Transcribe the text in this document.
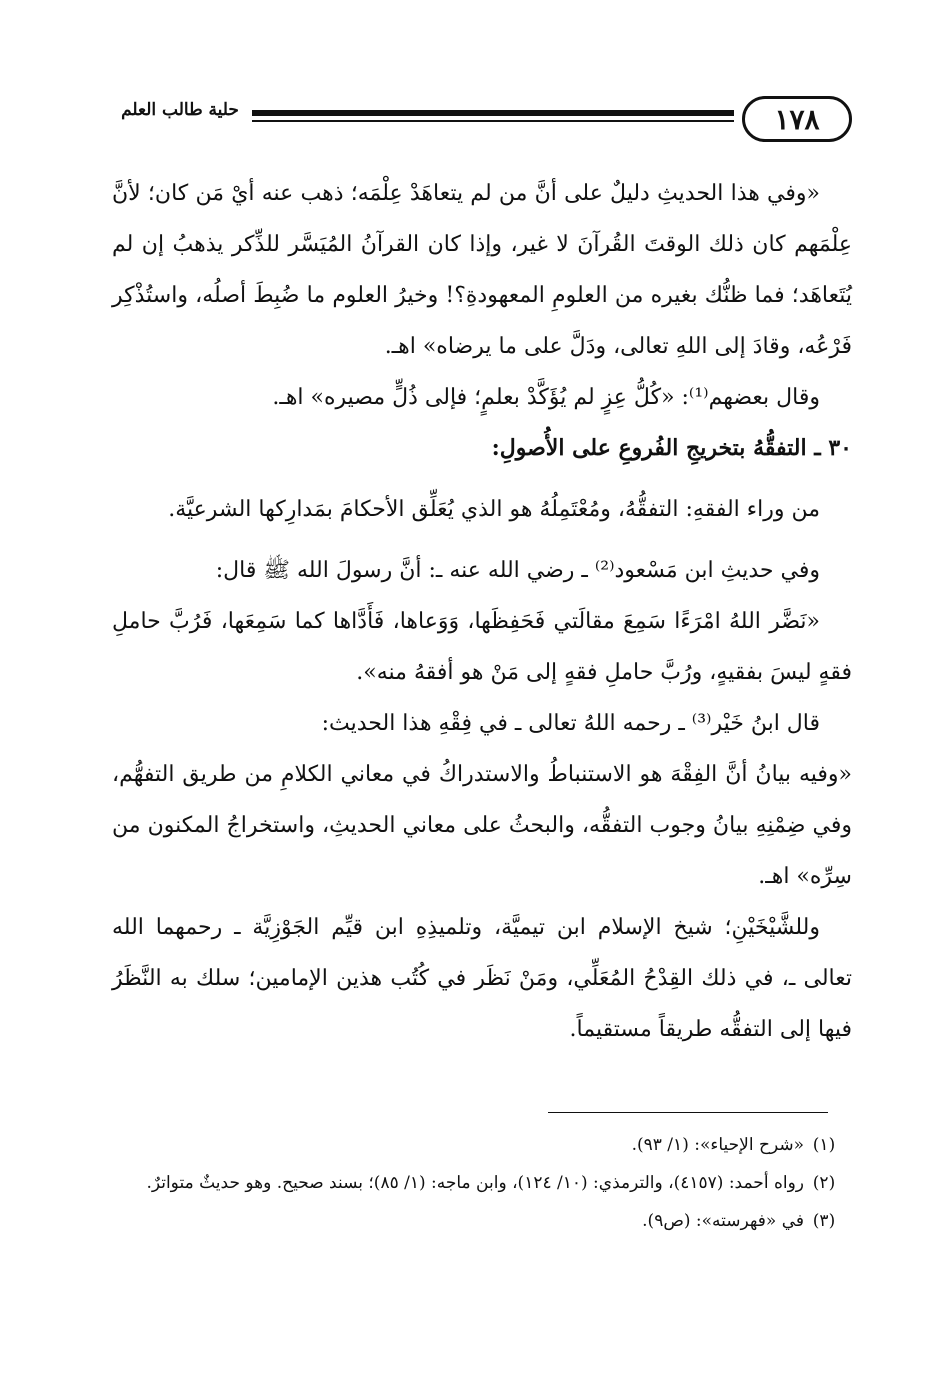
١٧٨
حلية طالب العلم

«وفي هذا الحديثِ دليلٌ على أنَّ من لم يتعاهَدْ عِلْمَه؛ ذهب عنه أيْ مَن كان؛ لأنَّ عِلْمَهم كان ذلك الوقتَ القُرآنَ لا غير، وإذا كان القرآنُ المُيَسَّر للذِّكر يذهبُ إن لم يُتَعاهَد؛ فما ظنُّك بغيره من العلومِ المعهودةِ؟! وخيرُ العلوم ما ضُبِطَ أصلُه، واستُذْكِر فَرْعُه، وقادَ إلى اللهِ تعالى، ودَلَّ على ما يرضاه» اهـ.

وقال بعضهم⁽¹⁾: «كُلُّ عِزٍ لم يُؤَكَّدْ بعلمٍ؛ فإلى ذُلٍّ مصيره» اهـ.

٣٠ ـ التفقُّهُ بتخريجِ الفُروعِ على الأُصولِ:

من وراء الفقهِ: التفقُّهُ، ومُعْتَمِلُهُ هو الذي يُعَلِّق الأحكامَ بمَدارِكها الشرعيَّة.

وفي حديثِ ابن مَسْعود⁽²⁾ ـ رضي الله عنه ـ: أنَّ رسولَ الله ﷺ قال:

«نَضَّر اللهُ امْرَءًا سَمِعَ مقالَتي فَحَفِظَها، وَوَعاها، فَأَدَّاها كما سَمِعَها، فَرُبَّ حاملِ فقهٍ ليسَ بفقيهٍ، ورُبَّ حاملِ فقهٍ إلى مَنْ هو أفقهُ منه».

قال ابنُ خَيْر⁽³⁾ ـ رحمه اللهُ تعالى ـ في فِقْهِ هذا الحديث:

«وفيه بيانُ أنَّ الفِقْهَ هو الاستنباطُ والاستدراكُ في معاني الكلامِ من طريق التفهُّم، وفي ضِمْنِهِ بيانُ وجوب التفقُّه، والبحثُ على معاني الحديثِ، واستخراجُ المكنون من سِرِّه» اهـ.

وللشَّيْخَيْنِ؛ شيخ الإسلام ابن تيميَّة، وتلميذِهِ ابن قيِّم الجَوْزِيَّة ـ رحمهما الله تعالى ـ، في ذلك القِدْحُ المُعَلِّي، ومَنْ نَظَر في كُتُب هذين الإمامين؛ سلك به النَّظَرُ فيها إلى التفقُّه طريقاً مستقيماً.

(١)
«شرح الإحياء»: (١/ ٩٣).
(٢)
رواه أحمد: (٤١٥٧)، والترمذي: (١٠/ ١٢٤)، وابن ماجه: (١/ ٨٥)؛ بسند صحيح. وهو حديثٌ متواترٌ.
(٣)
في «فهرسته»: (ص٩).
